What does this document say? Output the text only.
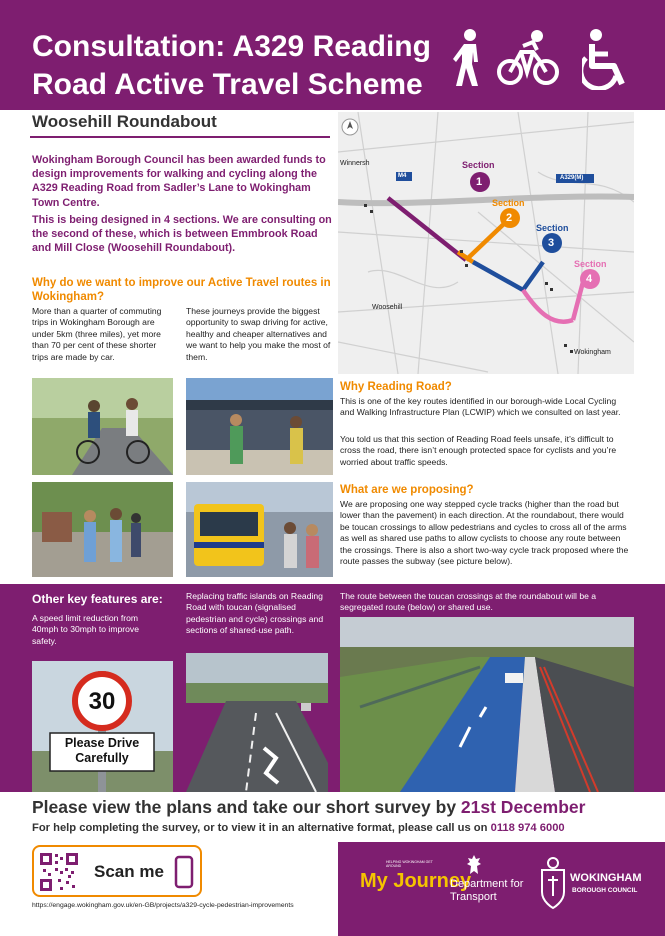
Consultation: A329 Reading Road Active Travel Scheme
Woosehill Roundabout
Wokingham Borough Council has been awarded funds to design improvements for walking and cycling along the A329 Reading Road from Sadler’s Lane to Wokingham Town Centre.
This is being designed in 4 sections. We are consulting on the second of these, which is between Emmbrook Road and Mill Close (Woosehill Roundabout).
Why do we want to improve our Active Travel routes in Wokingham?
More than a quarter of commuting trips in Wokingham Borough are under 5km (three miles), yet more than 70 per cent of these shorter trips are made by car.
These journeys provide the biggest opportunity to swap driving for active, healthy and cheaper alternatives and we want to help you make the most of them.
Winnersh
Woosehill
Wokingham
M4	A329(M)
Section
1
Section
2
Section
3
Section
4
Why Reading Road?
This is one of the key routes identified in our borough-wide Local Cycling and Walking Infrastructure Plan (LCWIP) which we consulted on last year.
You told us that this section of Reading Road feels unsafe, it’s difficult to cross the road, there isn’t enough protected space for cyclists and you’re worried about traffic speeds.
What are we proposing?
We are proposing one way stepped cycle tracks (higher than the road but lower than the pavement) in each direction. At the roundabout, there would be toucan crossings to allow pedestrians and cycles to cross all of the arms as well as shared use paths to allow cyclists to choose any route between the crossings. There is also a short two-way cycle track proposed where the route passes the subway (see picture below).
Other key features are:
A speed limit reduction from 40mph to 30mph to improve safety.
Replacing traffic islands on Reading Road with toucan (signalised pedestrian and cycle) crossings and sections of shared-use path.
The route between the toucan crossings at the roundabout will be a segregated route (below) or shared use.
30
Please Drive Carefully
Please view the plans and take our short survey by 21st December
For help completing the survey, or to view it in an alternative format, please call us on 0118 974 6000
Scan me
https://engage.wokingham.gov.uk/en-GB/projects/a329-cycle-pedestrian-improvements
HELPING WOKINGHAM GET AROUND
My Journey
Department for Transport
WOKINGHAM
BOROUGH COUNCIL
